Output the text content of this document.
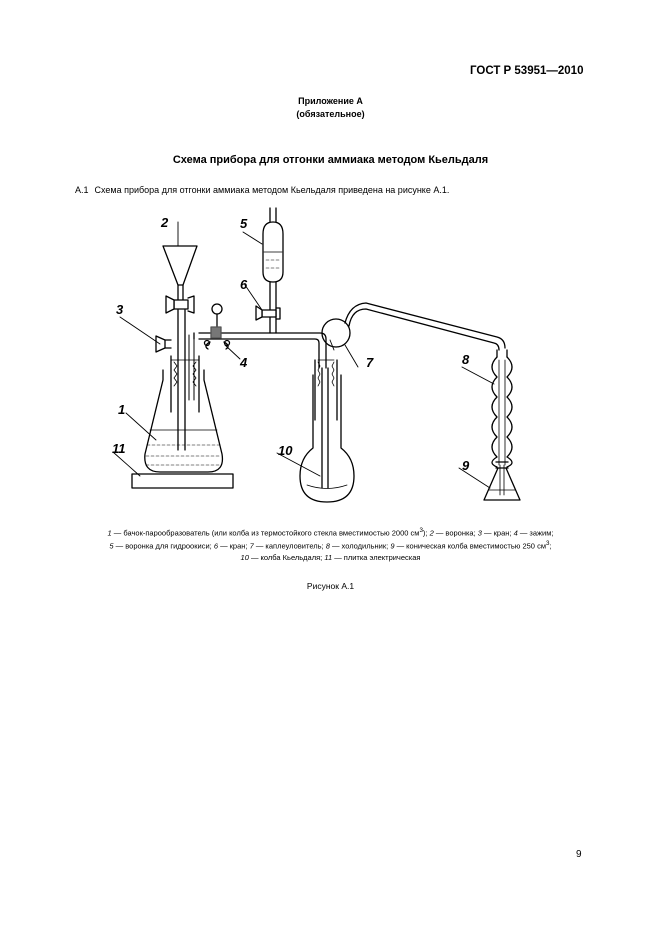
ГОСТ Р 53951—2010
Приложение А
(обязательное)
Схема прибора для отгонки аммиака методом Кьельдаля
А.1 Схема прибора для отгонки аммиака методом Кьельдаля приведена на рисунке А.1.
1
2
3
4
5
6
7	8
9
10
11
1 — бачок-парообразователь (или колба из термостойкого стекла вместимостью 2000 $см^3$); 2 — воронка; 3 — кран; 4 — зажим;
5 — воронка для гидроокиси; 6 — кран; 7 — каплеуловитель; 8 — холодильник; 9 — коническая колба вместимостью 250 $см^3$;
10 — колба Кьельдаля; 11 — плитка электрическая
Рисунок А.1
9
